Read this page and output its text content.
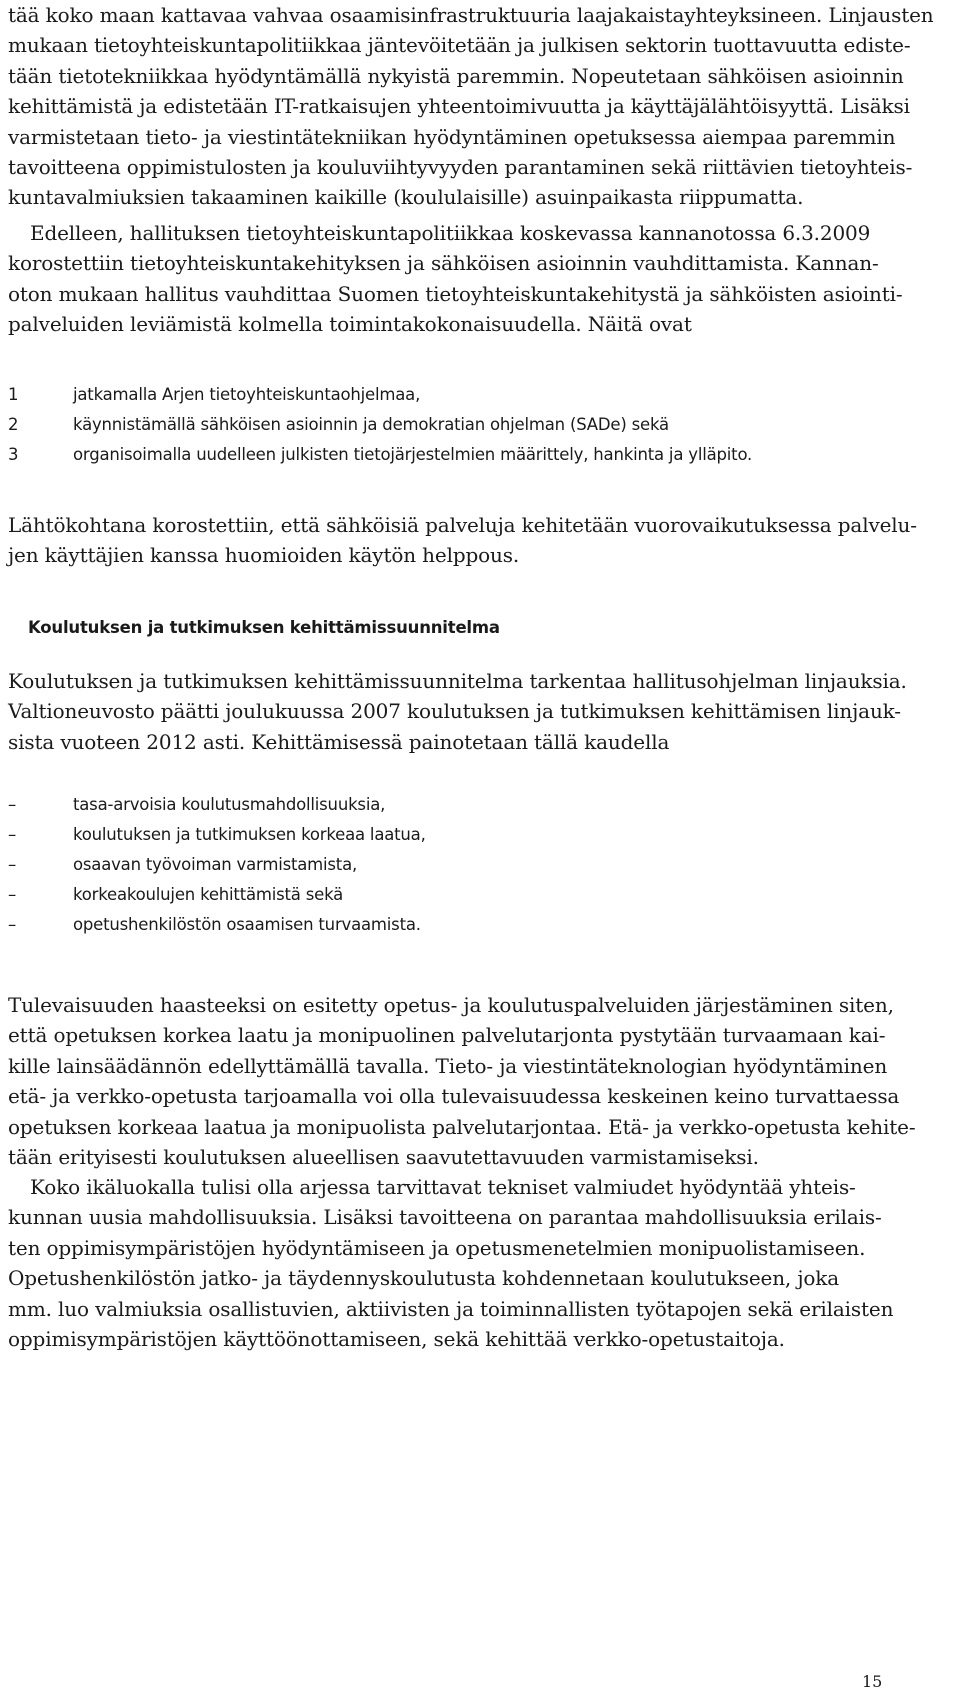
tää koko maan kattavaa vahvaa osaamisinfrastruktuuria laajakaistayhteyksineen. Linjausten
mukaan tietoyhteiskuntapolitiikkaa jäntevöitetään ja julkisen sektorin tuottavuutta ediste-
tään tietotekniikkaa hyödyntämällä nykyistä paremmin. Nopeutetaan sähköisen asioinnin
kehittämistä ja edistetään IT-ratkaisujen yhteentoimivuutta ja käyttäjälähtöisyyttä. Lisäksi
varmistetaan tieto- ja viestintätekniikan hyödyntäminen opetuksessa aiempaa paremmin
tavoitteena oppimistulosten ja kouluviihtyvyyden parantaminen sekä riittävien tietoyhteis-
kuntavalmiuksien takaaminen kaikille (koululaisille) asuinpaikasta riippumatta.
Edelleen, hallituksen tietoyhteiskuntapolitiikkaa koskevassa kannanotossa 6.3.2009
korostettiin tietoyhteiskuntakehityksen ja sähköisen asioinnin vauhdittamista. Kannan-
oton mukaan hallitus vauhdittaa Suomen tietoyhteiskuntakehitystä ja sähköisten asiointi-
palveluiden leviämistä kolmella toimintakokonaisuudella. Näitä ovat
1	jatkamalla Arjen tietoyhteiskuntaohjelmaa,
2	käynnistämällä sähköisen asioinnin ja demokratian ohjelman (SADe) sekä
3	organisoimalla uudelleen julkisten tietojärjestelmien määrittely, hankinta ja ylläpito.
Lähtökohtana korostettiin, että sähköisiä palveluja kehitetään vuorovaikutuksessa palvelu-
jen käyttäjien kanssa huomioiden käytön helppous.
Koulutuksen ja tutkimuksen kehittämissuunnitelma
Koulutuksen ja tutkimuksen kehittämissuunnitelma tarkentaa hallitusohjelman linjauksia.
Valtioneuvosto päätti joulukuussa 2007 koulutuksen ja tutkimuksen kehittämisen linjauk-
sista vuoteen 2012 asti. Kehittämisessä painotetaan tällä kaudella
–	tasa-arvoisia koulutusmahdollisuuksia,
–	koulutuksen ja tutkimuksen korkeaa laatua,
–	osaavan työvoiman varmistamista,
–	korkeakoulujen kehittämistä sekä
–	opetushenkilöstön osaamisen turvaamista.
Tulevaisuuden haasteeksi on esitetty opetus- ja koulutuspalveluiden järjestäminen siten,
että opetuksen korkea laatu ja monipuolinen palvelutarjonta pystytään turvaamaan kai-
kille lainsäädännön edellyttämällä tavalla. Tieto- ja viestintäteknologian hyödyntäminen
etä- ja verkko-opetusta tarjoamalla voi olla tulevaisuudessa keskeinen keino turvattaessa
opetuksen korkeaa laatua ja monipuolista palvelutarjontaa. Etä- ja verkko-opetusta kehite-
tään erityisesti koulutuksen alueellisen saavutettavuuden varmistamiseksi.
Koko ikäluokalla tulisi olla arjessa tarvittavat tekniset valmiudet hyödyntää yhteis-
kunnan uusia mahdollisuuksia. Lisäksi tavoitteena on parantaa mahdollisuuksia erilais-
ten oppimisympäristöjen hyödyntämiseen ja opetusmenetelmien monipuolistamiseen.
Opetushenkilöstön jatko- ja täydennyskoulutusta kohdennetaan koulutukseen, joka
mm. luo valmiuksia osallistuvien, aktiivisten ja toiminnallisten työtapojen sekä erilaisten
oppimisympäristöjen käyttöönottamiseen, sekä kehittää verkko-opetustaitoja.
15
